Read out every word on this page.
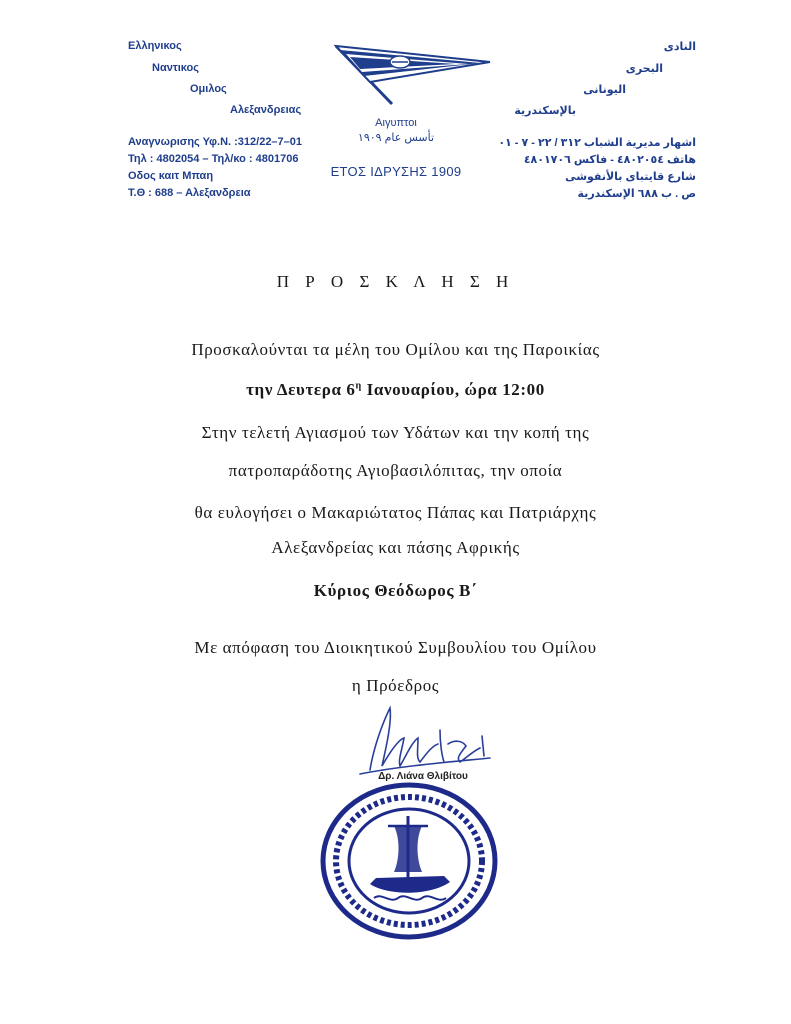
Ελληνικος
Ναντικος
Ομιλος
Αλεξανδρειας
Αναγνωρισης Υφ.Ν. :312/22–7–01
Τηλ : 4802054 – Τηλ/κο : 4801706
Οδος καιτ Μπαη
Τ.Θ : 688 – Αλεξανδρεια
النادى
البحرى
اليونانى
بالإسكندرية
اشهار مديرية الشباب ٣١٢ / ٢٢ - ٧ - ٠١
هاتف ٤٨٠٢٠٥٤ - فاكس ٤٨٠١٧٠٦
شارع قايتباى بالأنفوشى
ص . ب ٦٨٨ الإسكندرية
Αιγυπτοι
تأسس عام ١٩٠٩
ΕΤΟΣ ΙΔΡΥΣΗΣ 1909
Π Ρ Ο Σ Κ Λ Η Σ Η
Προσκαλούνται τα μέλη του Ομίλου και της Παροικίας
την Δευτερα $6^\eta$ Ιανουαρίου, ώρα 12:00
Στην τελετή Αγιασμού των Υδάτων και την κοπή της
πατροπαράδοτης Αγιοβασιλόπιτας, την οποία
θα ευλογήσει ο Μακαριώτατος Πάπας και Πατριάρχης
Αλεξανδρείας και πάσης Αφρικής
Κύριος Θεόδωρος Β΄
Με απόφαση του Διοικητικού Συμβουλίου του Ομίλου
η Πρόεδρος
Δρ. Λιάνα Θλιβίτου
